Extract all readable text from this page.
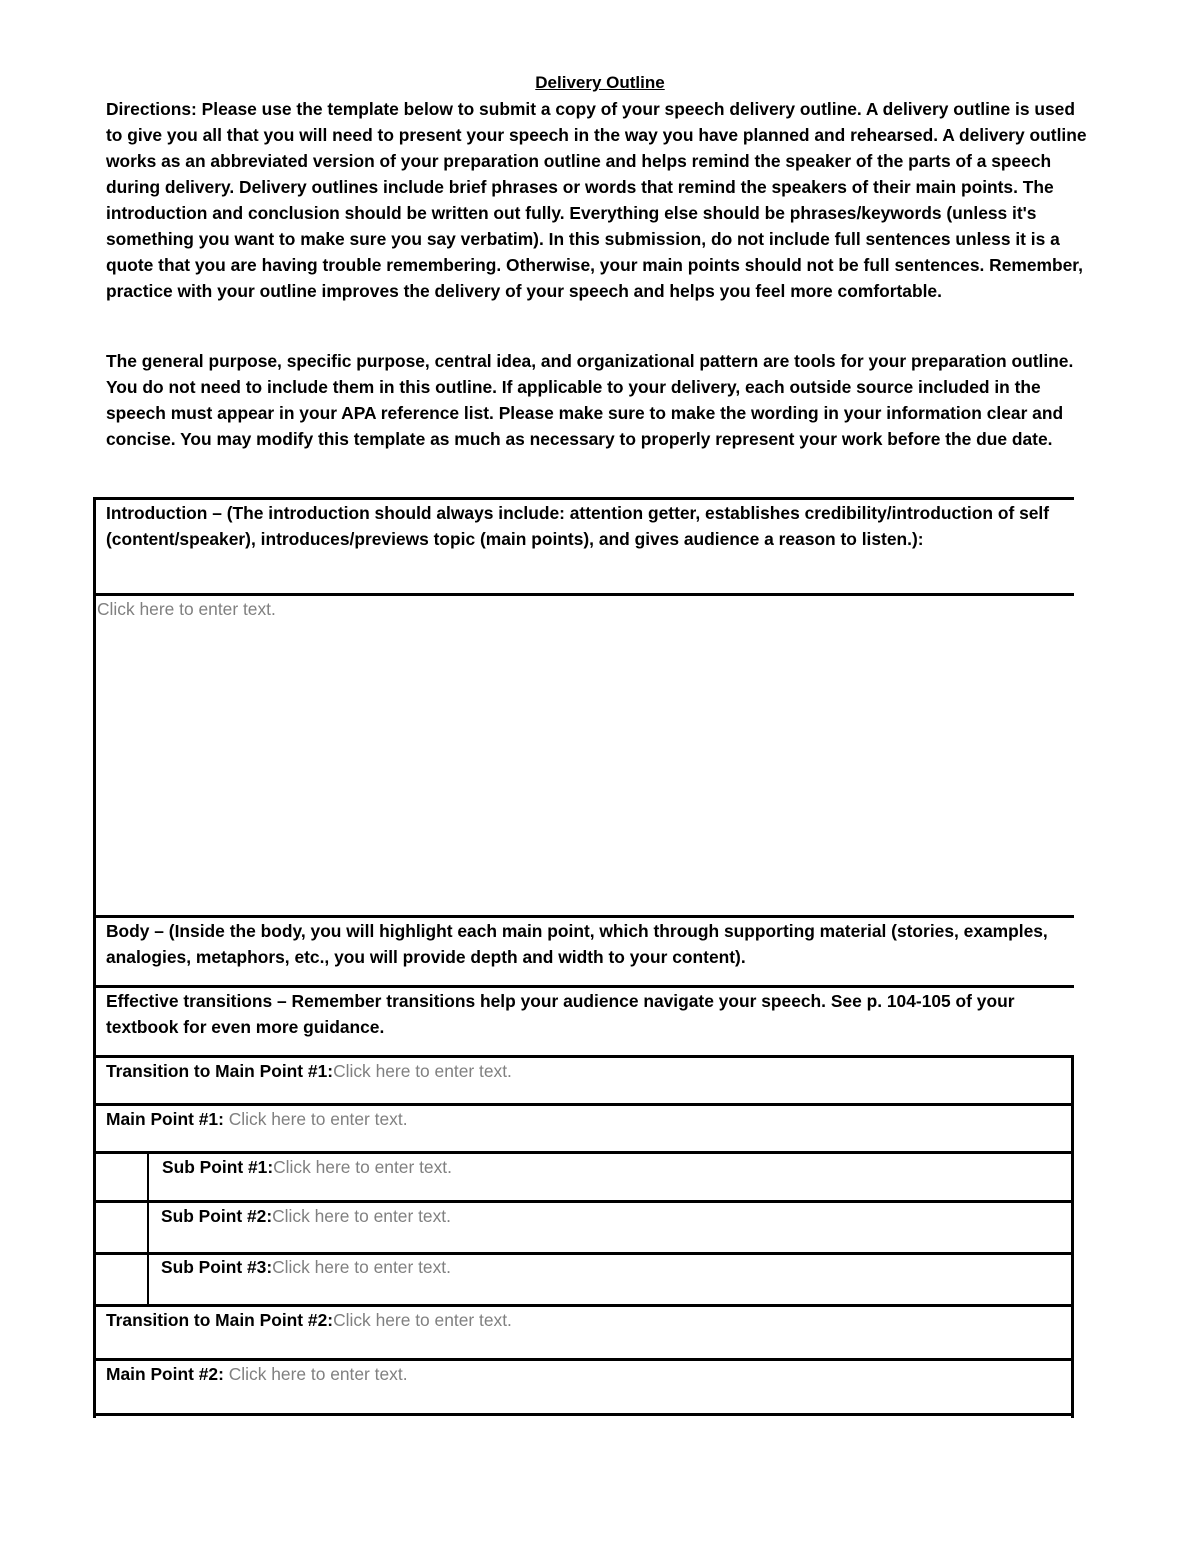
Delivery Outline

Directions: Please use the template below to submit a copy of your speech delivery outline. A delivery outline is used to give you all that you will need to present your speech in the way you have planned and rehearsed. A delivery outline works as an abbreviated version of your preparation outline and helps remind the speaker of the parts of a speech during delivery. Delivery outlines include brief phrases or words that remind the speakers of their main points. The introduction and conclusion should be written out fully. Everything else should be phrases/keywords (unless it's something you want to make sure you say verbatim). In this submission, do not include full sentences unless it is a quote that you are having trouble remembering. Otherwise, your main points should not be full sentences. Remember, practice with your outline improves the delivery of your speech and helps you feel more comfortable.

The general purpose, specific purpose, central idea, and organizational pattern are tools for your preparation outline. You do not need to include them in this outline. If applicable to your delivery, each outside source included in the speech must appear in your APA reference list. Please make sure to make the wording in your information clear and concise. You may modify this template as much as necessary to properly represent your work before the due date.

Introduction – (The introduction should always include: attention getter, establishes credibility/introduction of self (content/speaker), introduces/previews topic (main points), and gives audience a reason to listen.):

Click here to enter text.

Body – (Inside the body, you will highlight each main point, which through supporting material (stories, examples, analogies, metaphors, etc., you will provide depth and width to your content).

Effective transitions – Remember transitions help your audience navigate your speech. See p. 104-105 of your textbook for even more guidance.

Transition to Main Point #1:Click here to enter text.

Main Point #1: Click here to enter text.

Sub Point #1:Click here to enter text.

Sub Point #2:Click here to enter text.

Sub Point #3:Click here to enter text.

Transition to Main Point #2:Click here to enter text.

Main Point #2: Click here to enter text.
